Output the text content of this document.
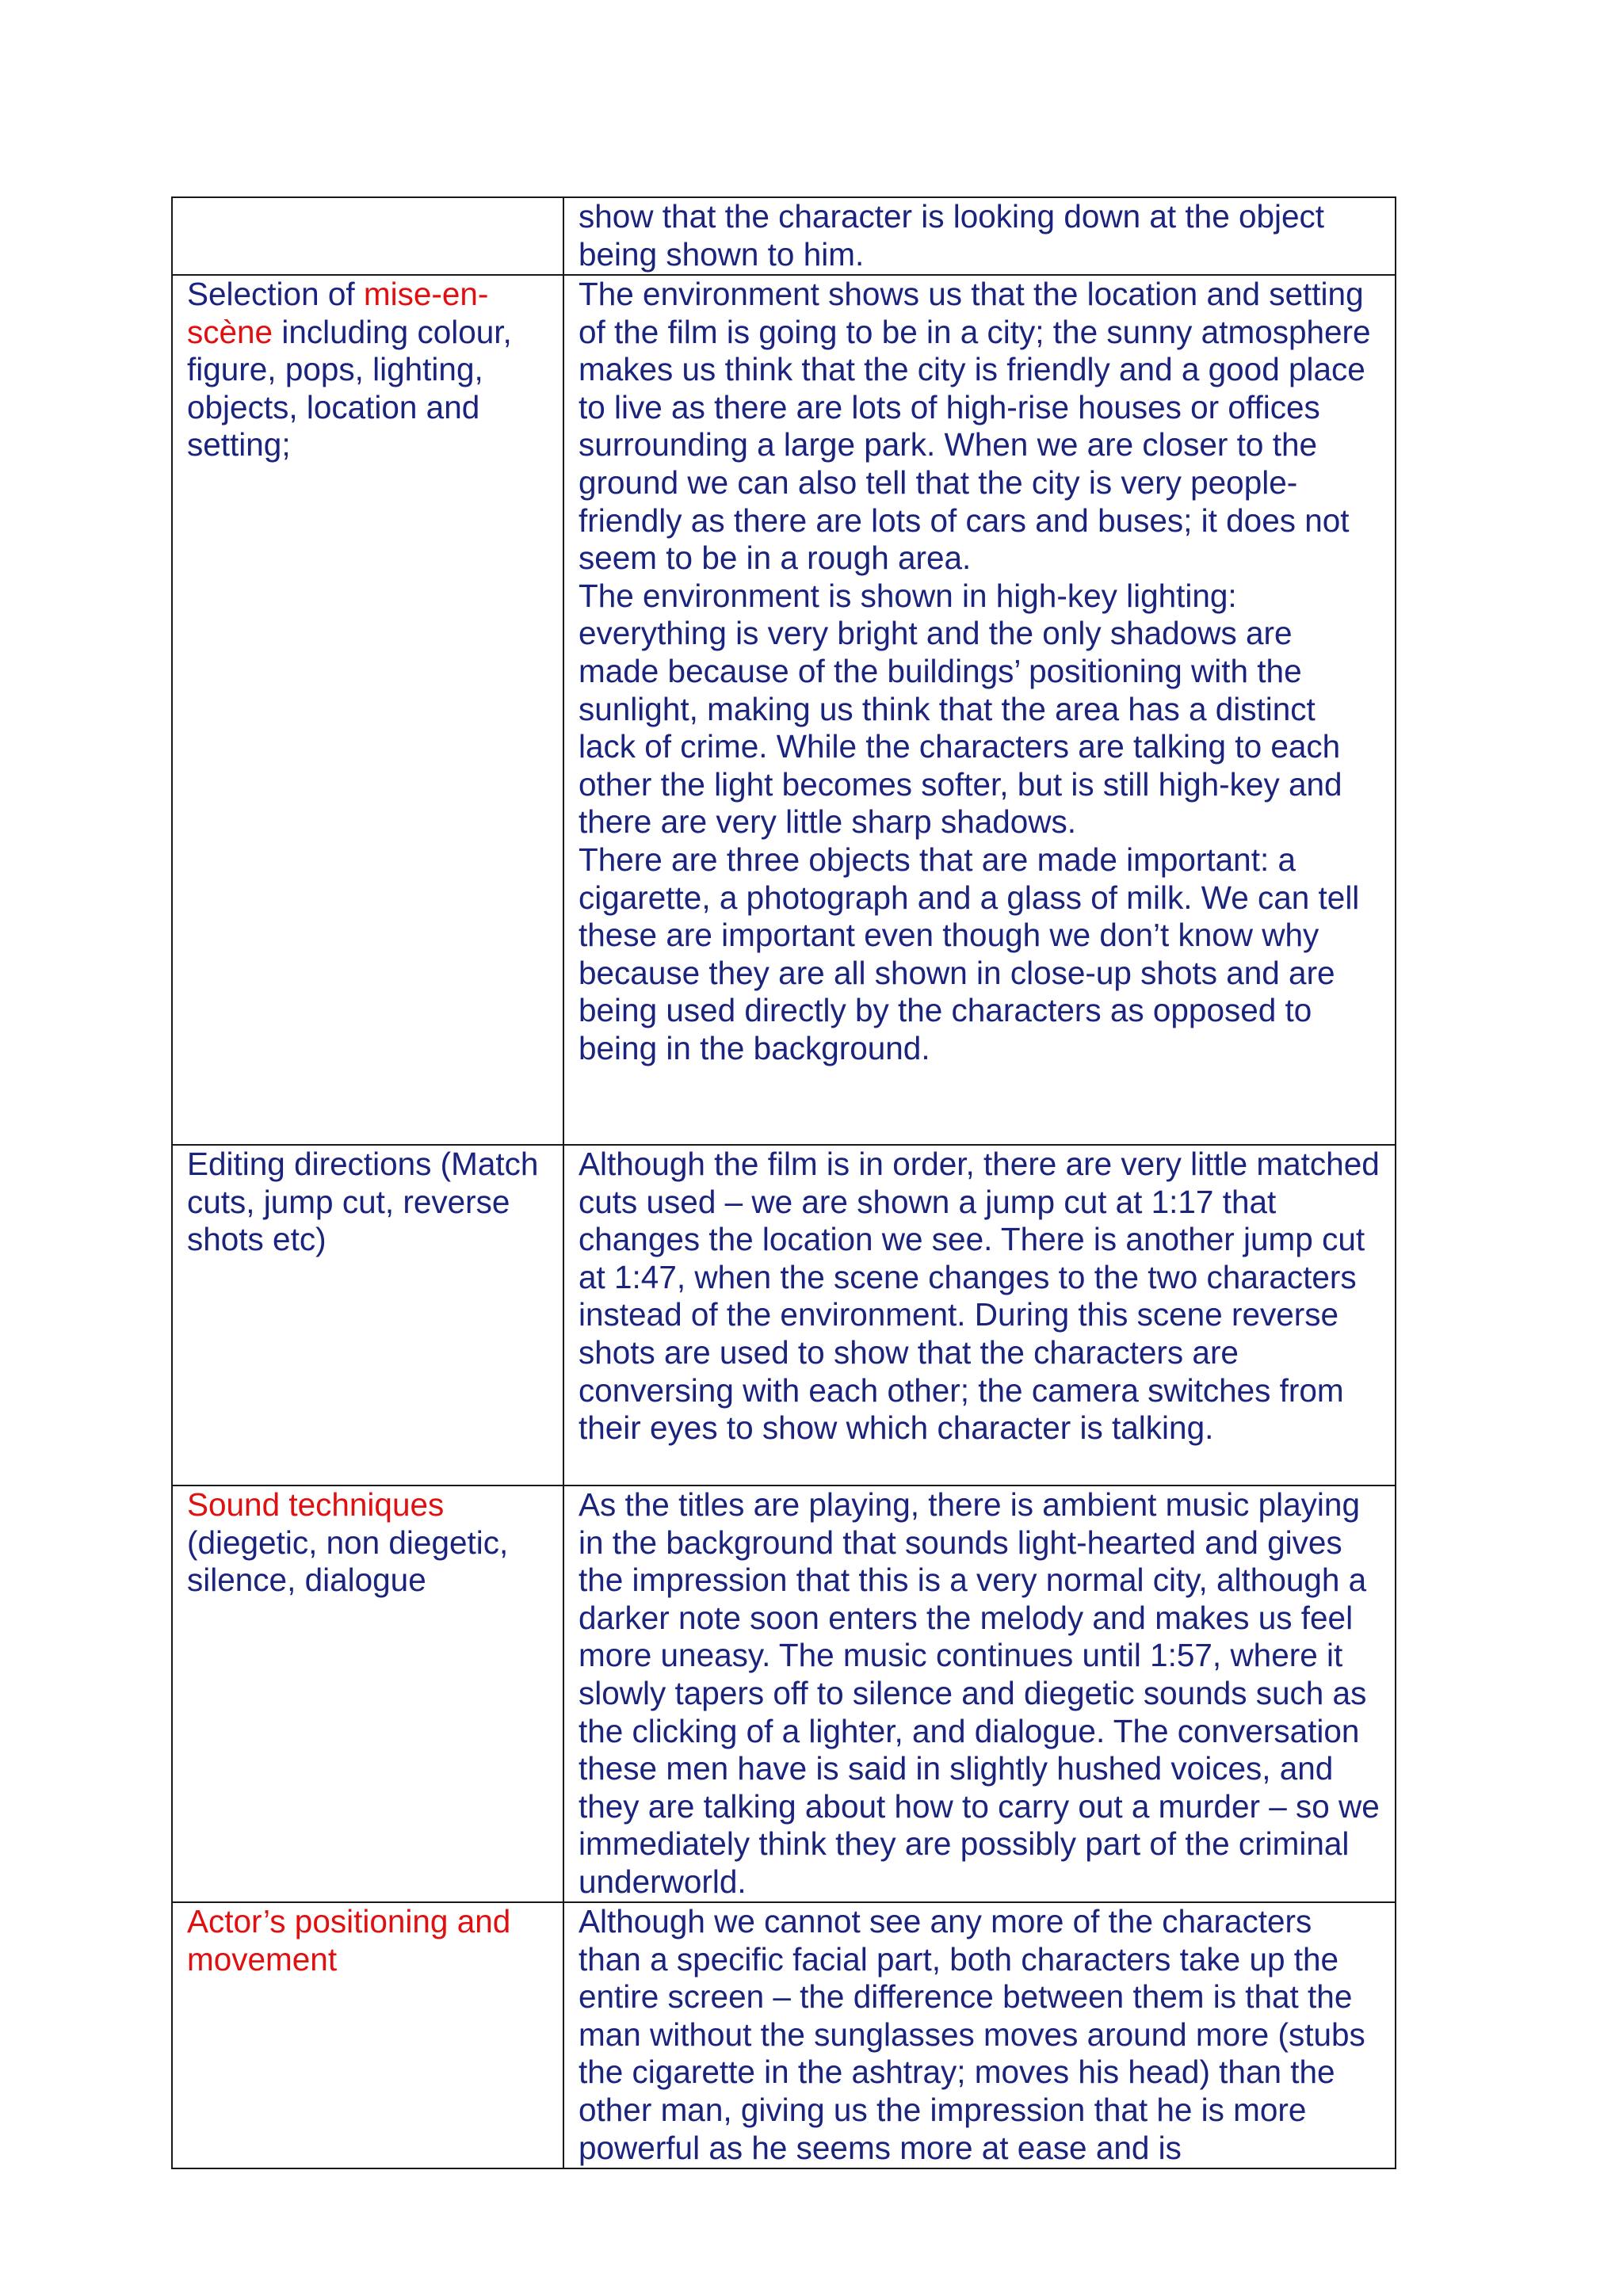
	show that the character is looking down at the object being shown to him.

Selection of mise-en-scène including colour, figure, pops, lighting, objects, location and setting;	The environment shows us that the location and setting of the film is going to be in a city; the sunny atmosphere makes us think that the city is friendly and a good place to live as there are lots of high-rise houses or offices surrounding a large park. When we are closer to the ground we can also tell that the city is very people-friendly as there are lots of cars and buses; it does not seem to be in a rough area.
The environment is shown in high-key lighting: everything is very bright and the only shadows are made because of the buildings’ positioning with the sunlight, making us think that the area has a distinct lack of crime. While the characters are talking to each other the light becomes softer, but is still high-key and there are very little sharp shadows.
There are three objects that are made important: a cigarette, a photograph and a glass of milk. We can tell these are important even though we don’t know why because they are all shown in close-up shots and are being used directly by the characters as opposed to being in the background.

Editing directions (Match cuts, jump cut, reverse shots etc)	Although the film is in order, there are very little matched cuts used – we are shown a jump cut at 1:17 that changes the location we see. There is another jump cut at 1:47, when the scene changes to the two characters instead of the environment. During this scene reverse shots are used to show that the characters are conversing with each other; the camera switches from their eyes to show which character is talking.

Sound techniques (diegetic, non diegetic, silence, dialogue	As the titles are playing, there is ambient music playing in the background that sounds light-hearted and gives the impression that this is a very normal city, although a darker note soon enters the melody and makes us feel more uneasy. The music continues until 1:57, where it slowly tapers off to silence and diegetic sounds such as the clicking of a lighter, and dialogue. The conversation these men have is said in slightly hushed voices, and they are talking about how to carry out a murder – so we immediately think they are possibly part of the criminal underworld.

Actor’s positioning and movement	Although we cannot see any more of the characters than a specific facial part, both characters take up the entire screen – the difference between them is that the man without the sunglasses moves around more (stubs the cigarette in the ashtray; moves his head) than the other man, giving us the impression that he is more powerful as he seems more at ease and is
